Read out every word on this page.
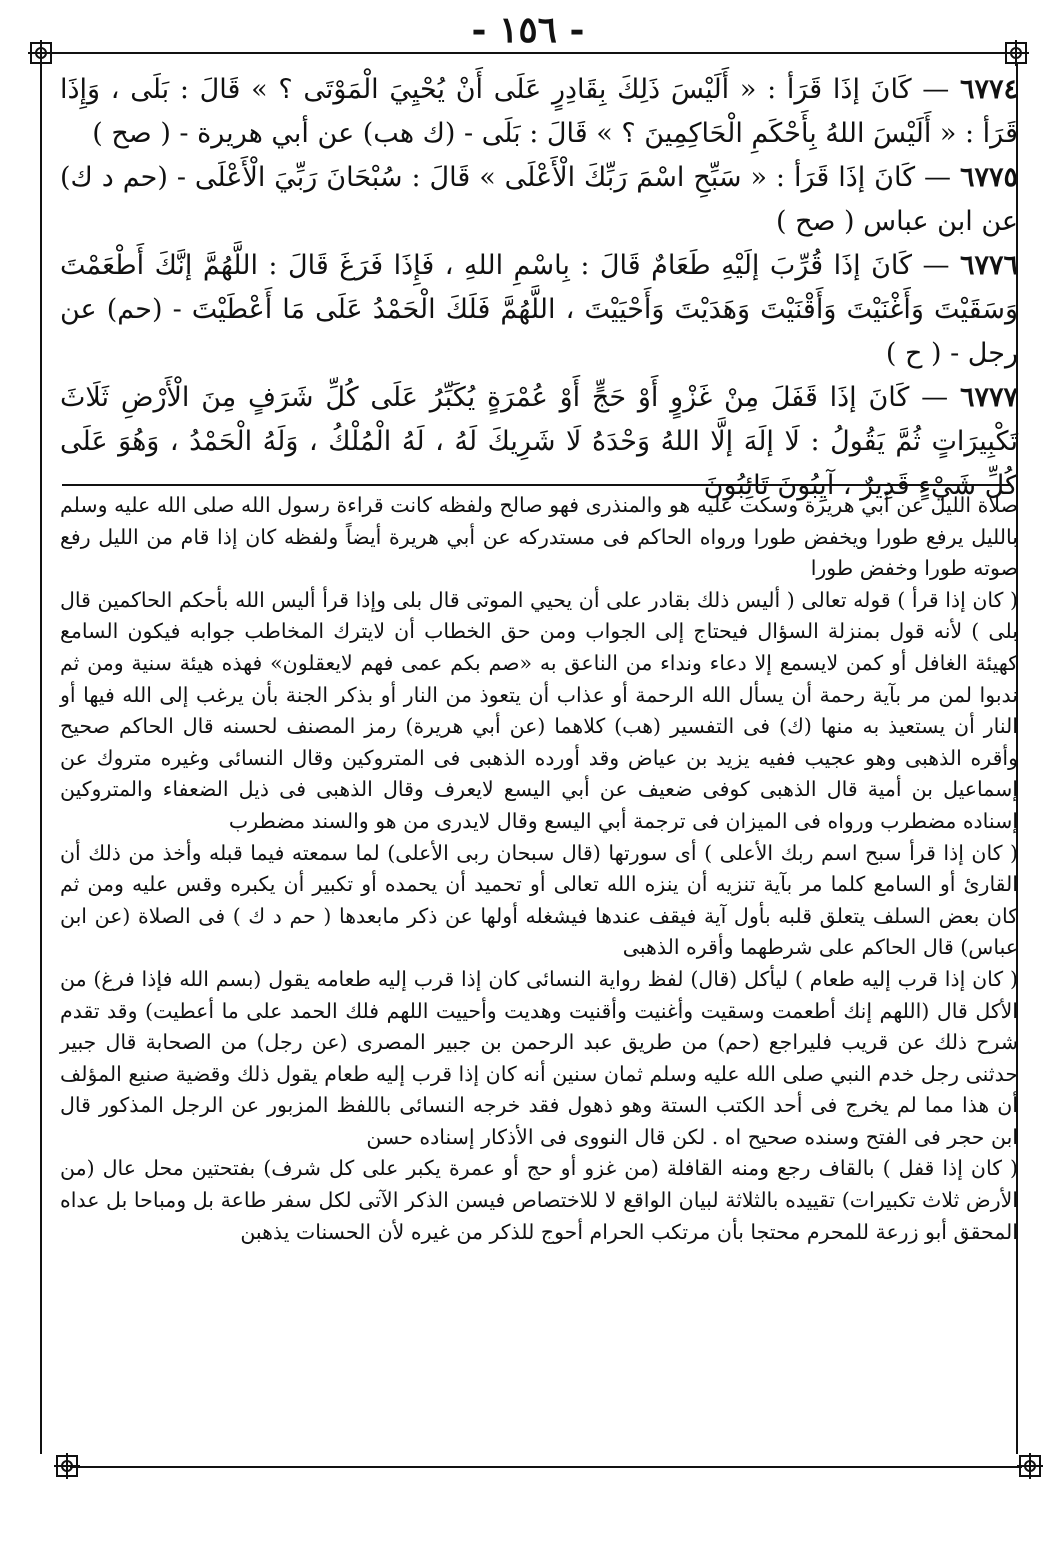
- ١٥٦ -

٦٧٧٤ — كَانَ إذَا قَرَأ : « أَلَيْسَ ذَلِكَ بِقَادِرٍ عَلَى أَنْ يُحْيِيَ الْمَوْتَى ؟ » قَالَ : بَلَى ، وَإِذَا قَرَأ : « أَلَيْسَ اللهُ بِأَحْكَمِ الْحَاكِمِينَ ؟ » قَالَ : بَلَى - (ك هب) عن أبي هريرة - ( صح )

٦٧٧٥ — كَانَ إذَا قَرَأ : « سَبِّحِ اسْمَ رَبِّكَ الْأَعْلَى » قَالَ : سُبْحَانَ رَبِّيَ الْأَعْلَى - (حم د ك) عن ابن عباس ( صح )

٦٧٧٦ — كَانَ إذَا قُرِّبَ إلَيْهِ طَعَامٌ قَالَ : بِاسْمِ اللهِ ، فَإِذَا فَرَغَ قَالَ : اللَّهُمَّ إنَّكَ أَطْعَمْتَ وَسَقَيْتَ وَأَغْنَيْتَ وَأَقْنَيْتَ وَهَدَيْتَ وَأَحْيَيْتَ ، اللَّهُمَّ فَلَكَ الْحَمْدُ عَلَى مَا أَعْطَيْتَ - (حم) عن رجل - ( ح )

٦٧٧٧ — كَانَ إذَا قَفَلَ مِنْ غَزْوٍ أَوْ حَجٍّ أَوْ عُمْرَةٍ يُكَبِّرُ عَلَى كُلِّ شَرَفٍ مِنَ الْأَرْضِ ثَلَاثَ تَكْبِيرَاتٍ ثُمَّ يَقُولُ : لَا إلَهَ إلَّا اللهُ وَحْدَهُ لَا شَرِيكَ لَهُ ، لَهُ الْمُلْكُ ، وَلَهُ الْحَمْدُ ، وَهُوَ عَلَى كُلِّ شَيْءٍ قَدِيرٌ ، آيِبُونَ تَائِبُونَ

صلاة الليل عن أبي هريرة وسكت عليه هو والمنذرى فهو صالح ولفظه كانت قراءة رسول الله صلى الله عليه وسلم بالليل يرفع طورا ويخفض طورا ورواه الحاكم فى مستدركه عن أبي هريرة أيضاً ولفظه كان إذا قام من الليل رفع صوته طورا وخفض طورا

( كان إذا قرأ ) قوله تعالى ( أليس ذلك بقادر على أن يحيي الموتى قال بلى وإذا قرأ أليس الله بأحكم الحاكمين قال بلى ) لأنه قول بمنزلة السؤال فيحتاج إلى الجواب ومن حق الخطاب أن لايترك المخاطب جوابه فيكون السامع كهيئة الغافل أو كمن لايسمع إلا دعاء ونداء من الناعق به «صم بكم عمى فهم لايعقلون» فهذه هيئة سنية ومن ثم ندبوا لمن مر بآية رحمة أن يسأل الله الرحمة أو عذاب أن يتعوذ من النار أو بذكر الجنة بأن يرغب إلى الله فيها أو النار أن يستعيذ به منها (ك) فى التفسير (هب) كلاهما (عن أبي هريرة) رمز المصنف لحسنه قال الحاكم صحيح وأقره الذهبى وهو عجيب ففيه يزيد بن عياض وقد أورده الذهبى فى المتروكين وقال النسائى وغيره متروك عن إسماعيل بن أمية قال الذهبى كوفى ضعيف عن أبي اليسع لايعرف وقال الذهبى فى ذيل الضعفاء والمتروكين إسناده مضطرب ورواه فى الميزان فى ترجمة أبي اليسع وقال لايدرى من هو والسند مضطرب

( كان إذا قرأ سبح اسم ربك الأعلى ) أى سورتها (قال سبحان ربى الأعلى) لما سمعته فيما قبله وأخذ من ذلك أن القارئ أو السامع كلما مر بآية تنزيه أن ينزه الله تعالى أو تحميد أن يحمده أو تكبير أن يكبره وقس عليه ومن ثم كان بعض السلف يتعلق قلبه بأول آية فيقف عندها فيشغله أولها عن ذكر مابعدها ( حم د ك ) فى الصلاة (عن ابن عباس) قال الحاكم على شرطهما وأقره الذهبى

( كان إذا قرب إليه طعام ) ليأكل (قال) لفظ رواية النسائى كان إذا قرب إليه طعامه يقول (بسم الله فإذا فرغ) من الأكل قال (اللهم إنك أطعمت وسقيت وأغنيت وأقنيت وهديت وأحييت اللهم فلك الحمد على ما أعطيت) وقد تقدم شرح ذلك عن قريب فليراجع (حم) من طريق عبد الرحمن بن جبير المصرى (عن رجل) من الصحابة قال جبير حدثنى رجل خدم النبي صلى الله عليه وسلم ثمان سنين أنه كان إذا قرب إليه طعام يقول ذلك وقضية صنيع المؤلف أن هذا مما لم يخرج فى أحد الكتب الستة وهو ذهول فقد خرجه النسائى باللفظ المزبور عن الرجل المذكور قال ابن حجر فى الفتح وسنده صحيح اه . لكن قال النووى فى الأذكار إسناده حسن

( كان إذا قفل ) بالقاف رجع ومنه القافلة (من غزو أو حج أو عمرة يكبر على كل شرف) بفتحتين محل عال (من الأرض ثلاث تكبيرات) تقييده بالثلاثة لبيان الواقع لا للاختصاص فيسن الذكر الآتى لكل سفر طاعة بل ومباحا بل عداه المحقق أبو زرعة للمحرم محتجا بأن مرتكب الحرام أحوج للذكر من غيره لأن الحسنات يذهبن
